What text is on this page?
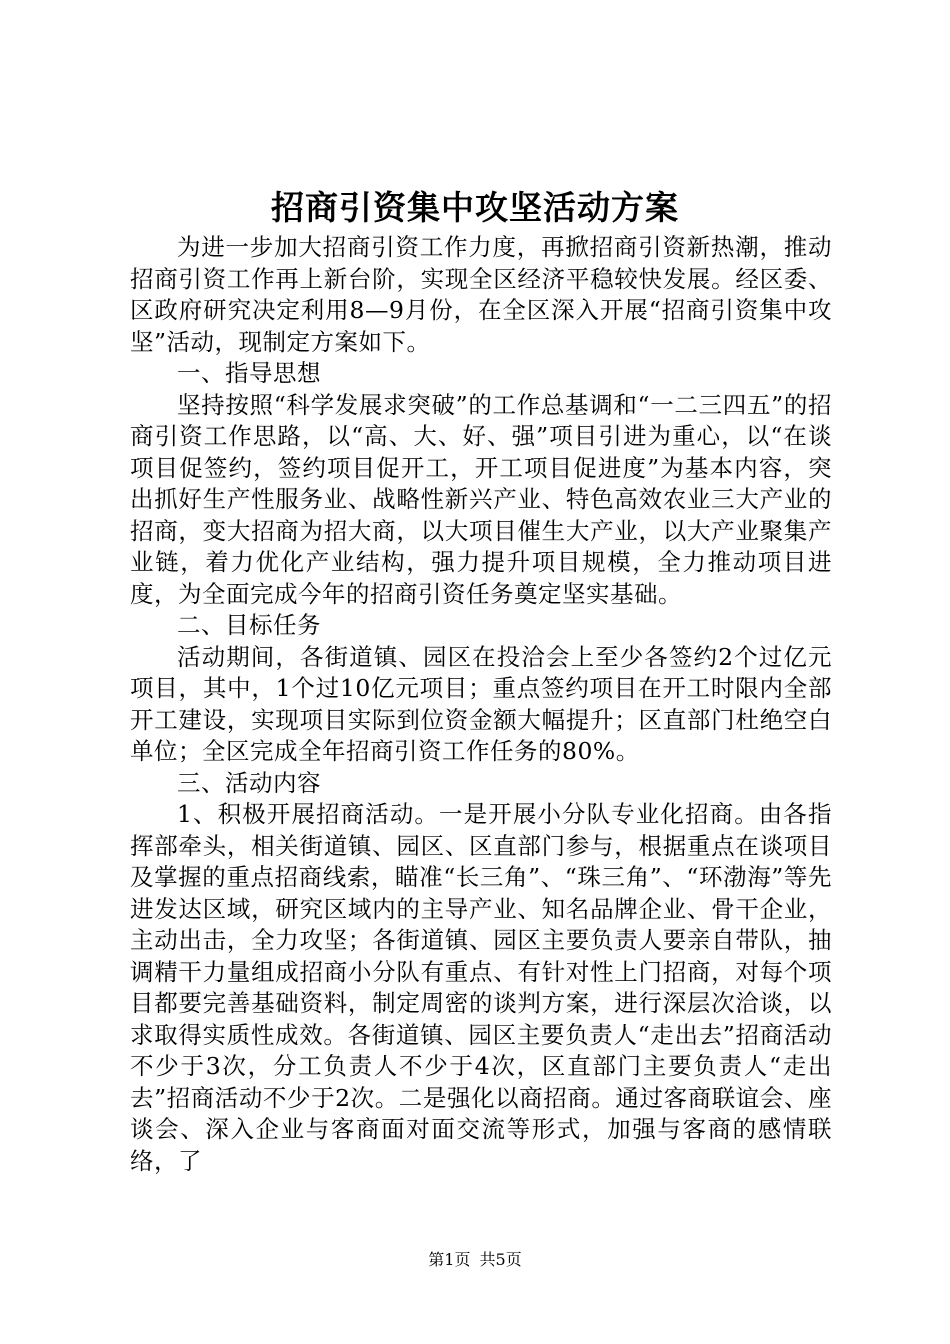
招商引资集中攻坚活动方案

为进一步加大招商引资工作力度，再掀招商引资新热潮，推动招商引资工作再上新台阶，实现全区经济平稳较快发展。经区委、区政府研究决定利用8—9月份，在全区深入开展“招商引资集中攻坚”活动，现制定方案如下。

一、指导思想

坚持按照“科学发展求突破”的工作总基调和“一二三四五”的招商引资工作思路，以“高、大、好、强”项目引进为重心，以“在谈项目促签约，签约项目促开工，开工项目促进度”为基本内容，突出抓好生产性服务业、战略性新兴产业、特色高效农业三大产业的招商，变大招商为招大商，以大项目催生大产业，以大产业聚集产业链，着力优化产业结构，强力提升项目规模，全力推动项目进度，为全面完成今年的招商引资任务奠定坚实基础。

二、目标任务

活动期间，各街道镇、园区在投洽会上至少各签约2个过亿元项目，其中，1个过10亿元项目；重点签约项目在开工时限内全部开工建设，实现项目实际到位资金额大幅提升；区直部门杜绝空白单位；全区完成全年招商引资工作任务的80%。

三、活动内容

1、积极开展招商活动。一是开展小分队专业化招商。由各指挥部牵头，相关街道镇、园区、区直部门参与，根据重点在谈项目及掌握的重点招商线索，瞄准“长三角”、“珠三角”、“环渤海”等先进发达区域，研究区域内的主导产业、知名品牌企业、骨干企业，主动出击，全力攻坚；各街道镇、园区主要负责人要亲自带队，抽调精干力量组成招商小分队有重点、有针对性上门招商，对每个项目都要完善基础资料，制定周密的谈判方案，进行深层次洽谈，以求取得实质性成效。各街道镇、园区主要负责人“走出去”招商活动不少于3次，分工负责人不少于4次，区直部门主要负责人“走出去”招商活动不少于2次。二是强化以商招商。通过客商联谊会、座谈会、深入企业与客商面对面交流等形式，加强与客商的感情联络，了

第1页 共5页
